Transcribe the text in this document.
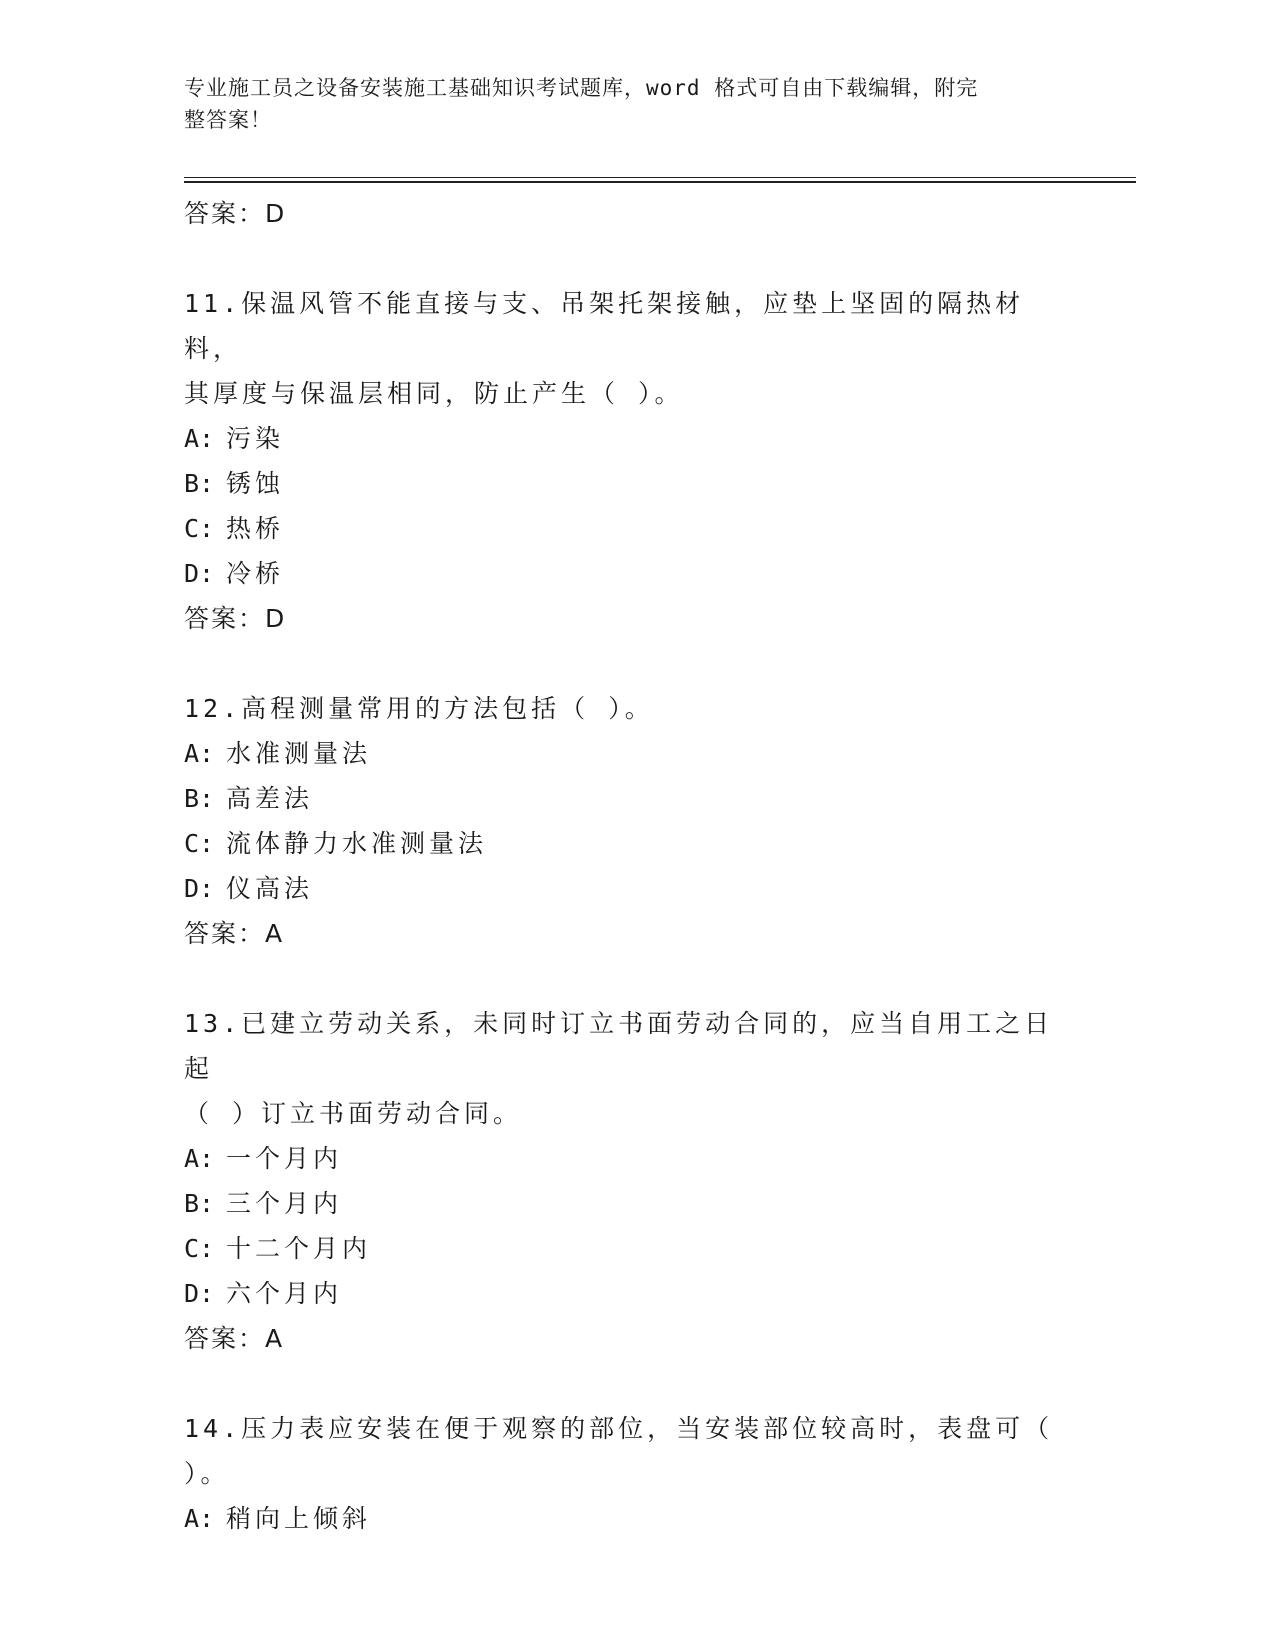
专业施工员之设备安装施工基础知识考试题库，word 格式可自由下载编辑，附完
整答案！
答案：D
11.保温风管不能直接与支、吊架托架接触，应垫上坚固的隔热材料，
其厚度与保温层相同，防止产生（ ）。
A: 污染
B: 锈蚀
C: 热桥
D: 冷桥
答案：D
12.高程测量常用的方法包括（ ）。
A: 水准测量法
B: 高差法
C: 流体静力水准测量法
D: 仪高法
答案：A
13.已建立劳动关系，未同时订立书面劳动合同的，应当自用工之日起
（ ）订立书面劳动合同。
A: 一个月内
B: 三个月内
C: 十二个月内
D: 六个月内
答案：A
14.压力表应安装在便于观察的部位，当安装部位较高时，表盘可（
）。
A: 稍向上倾斜
